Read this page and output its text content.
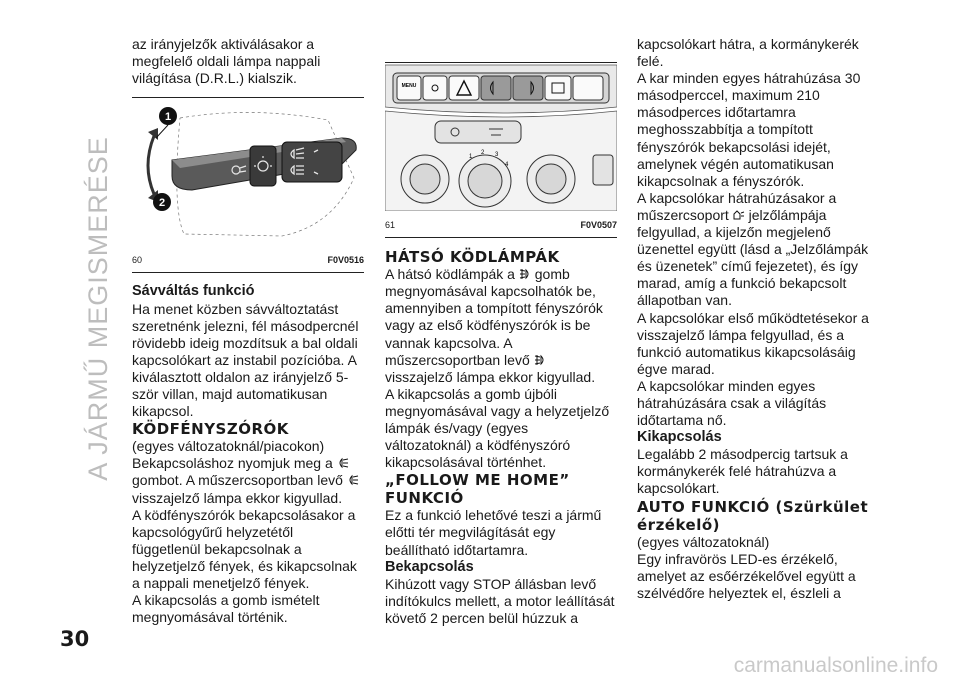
A JÁRMŰ MEGISMERÉSE

az irányjelzők aktiválásakor a megfelelő oldali lámpa nappali világítása (D.R.L.) kialszik.

1
2
60	F0V0516

Sávváltás funkció

Ha menet közben sávváltoztatást szeretnénk jelezni, fél másodpercnél rövidebb ideig mozdítsuk a bal oldali kapcsolókart az instabil pozícióba. A kiválasztott oldalon az irányjelző 5-ször villan, majd automatikusan kikapcsol.

KÖDFÉNYSZÓRÓK

(egyes változatoknál/piacokon)

Bekapcsoláshoz nyomjuk meg a  gombot. A műszercsoportban levő  visszajelző lámpa ekkor kigyullad.

A ködfényszórók bekapcsolásakor a kapcsológyűrű helyzetétől függetlenül bekapcsolnak a helyzetjelző fények, és kikapcsolnak a nappali menetjelző fények.

A kikapcsolás a gomb ismételt megnyomásával történik.

MENU
1
2 3
4
61	F0V0507

HÁTSÓ KÖDLÁMPÁK

A hátsó ködlámpák a gomb megnyomásával kapcsolhatók be, amennyiben a tompított fényszórók vagy az első ködfényszórók is be vannak kapcsolva. A műszercsoportban levő  visszajelző lámpa ekkor kigyullad.

A kikapcsolás a gomb újbóli megnyomásával vagy a helyzetjelző lámpák és/vagy (egyes változatoknál) a ködfényszóró kikapcsolásával történhet.

„FOLLOW ME HOME” FUNKCIÓ

Ez a funkció lehetővé teszi a jármű előtti tér megvilágítását egy beállítható időtartamra.

Bekapcsolás

Kihúzott vagy STOP állásban levő indítókulcs mellett, a motor leállítását követő 2 percen belül húzzuk a

kapcsolókart hátra, a kormánykerék felé.

A kar minden egyes hátrahúzása 30 másodperccel, maximum 210 másodperces időtartamra meghosszabbítja a tompított fényszórók bekapcsolási idejét, amelynek végén automatikusan kikapcsolnak a fényszórók.

A kapcsolókar hátrahúzásakor a műszercsoport jelzőlámpája felgyullad, a kijelzőn megjelenő üzenettel együtt (lásd a „Jelzőlámpák és üzenetek” című fejezetet), és így marad, amíg a funkció bekapcsolt állapotban van.

A kapcsolókar első működtetésekor a visszajelző lámpa felgyullad, és a funkció automatikus kikapcsolásáig égve marad.

A kapcsolókar minden egyes hátrahúzására csak a világítás időtartama nő.

Kikapcsolás

Legalább 2 másodpercig tartsuk a kormánykerék felé hátrahúzva a kapcsolókart.

AUTO FUNKCIÓ (Szürkület érzékelő)

(egyes változatoknál)

Egy infravörös LED-es érzékelő, amelyet az esőérzékelővel együtt a szélvédőre helyeztek el, észleli a

30
carmanualsonline.info
